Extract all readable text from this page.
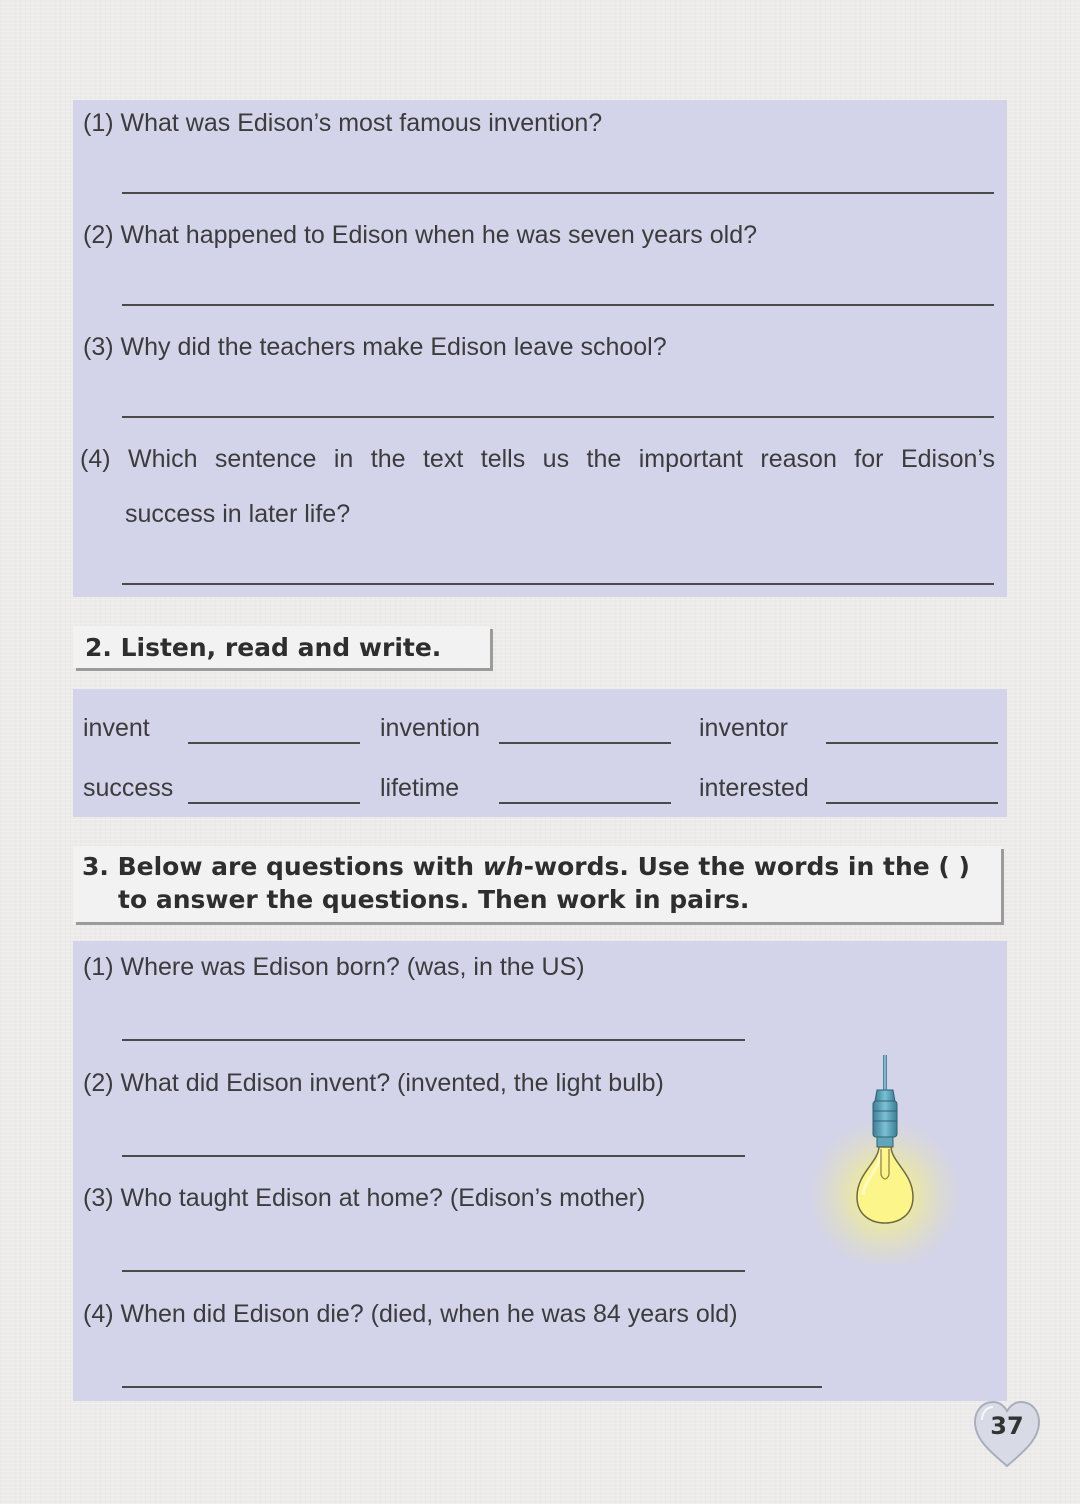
(1) What was Edison’s most famous invention?
(2) What happened to Edison when he was seven years old?
(3) Why did the teachers make Edison leave school?
(4) Which sentence in the text tells us the important reason for Edison’s
success in later life?
2. Listen, read and write.
invent	invention	inventor
success	lifetime	interested
3. Below are questions with wh-words. Use the words in the ( )
to answer the questions. Then work in pairs.
(1) Where was Edison born? (was, in the US)
(2) What did Edison invent? (invented, the light bulb)
(3) Who taught Edison at home? (Edison’s mother)
(4) When did Edison die? (died, when he was 84 years old)
37
